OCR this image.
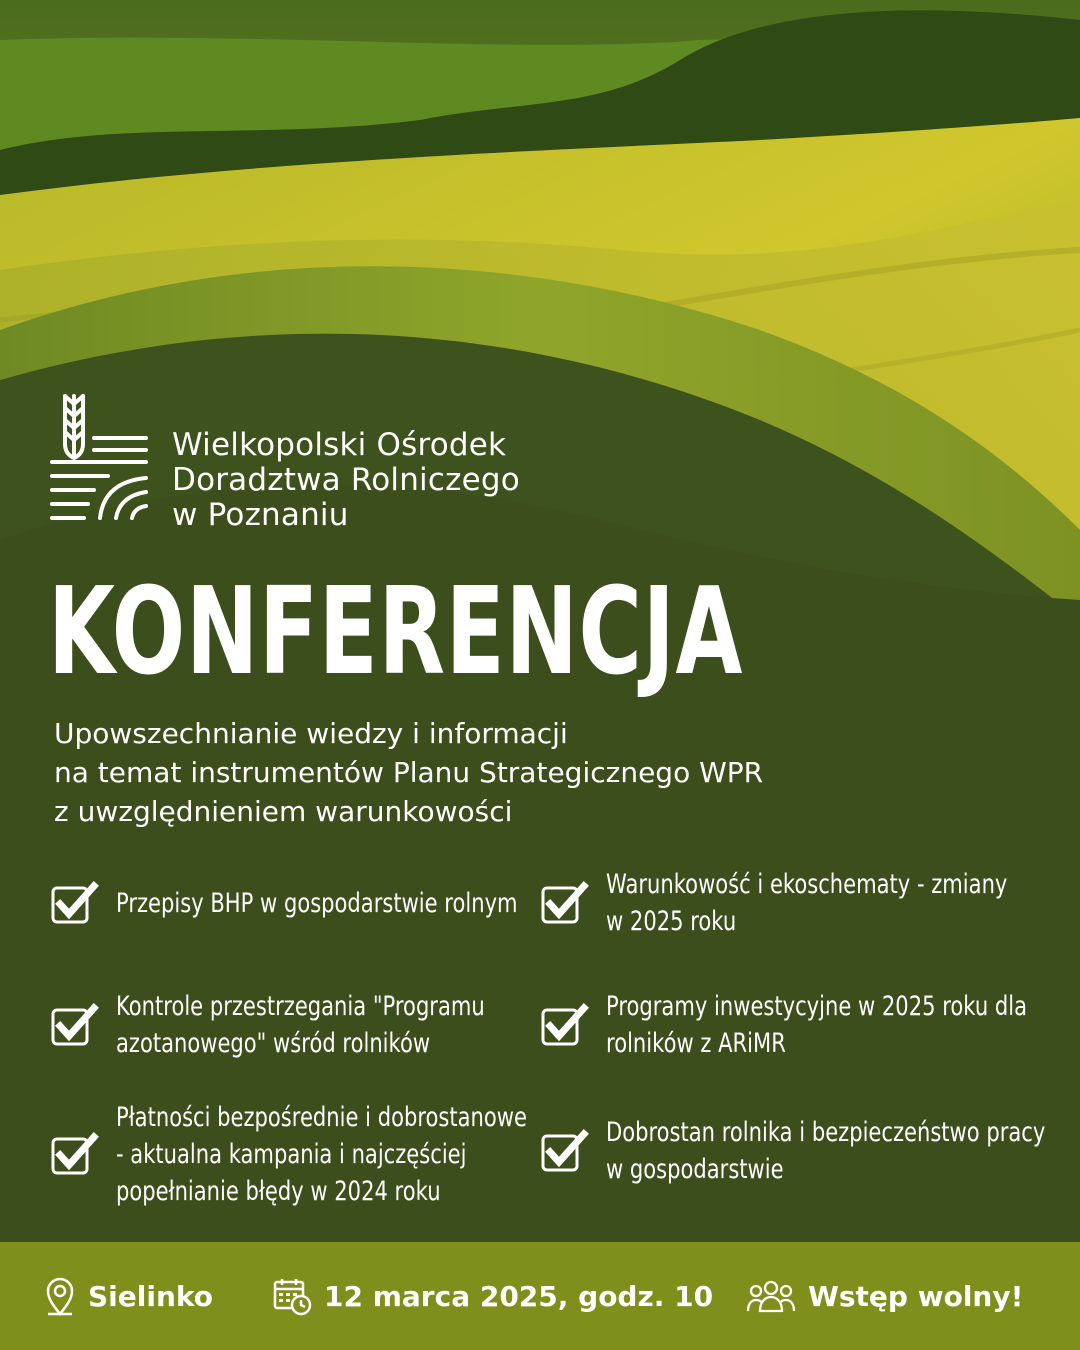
Wielkopolski Ośrodek
Doradztwa Rolniczego
w Poznaniu
KONFERENCJA
Upowszechnianie wiedzy i informacji
na temat instrumentów Planu Strategicznego WPR
z uwzględnieniem warunkowości
Przepisy BHP w gospodarstwie rolnym
Warunkowość i ekoschematy - zmiany
w 2025 roku
Kontrole przestrzegania "Programu
azotanowego" wśród rolników
Programy inwestycyjne w 2025 roku dla
rolników z ARiMR
Płatności bezpośrednie i dobrostanowe
- aktualna kampania i najczęściej
popełnianie błędy w 2024 roku
Dobrostan rolnika i bezpieczeństwo pracy
w gospodarstwie
Sielinko	12 marca 2025, godz. 10	Wstęp wolny!
